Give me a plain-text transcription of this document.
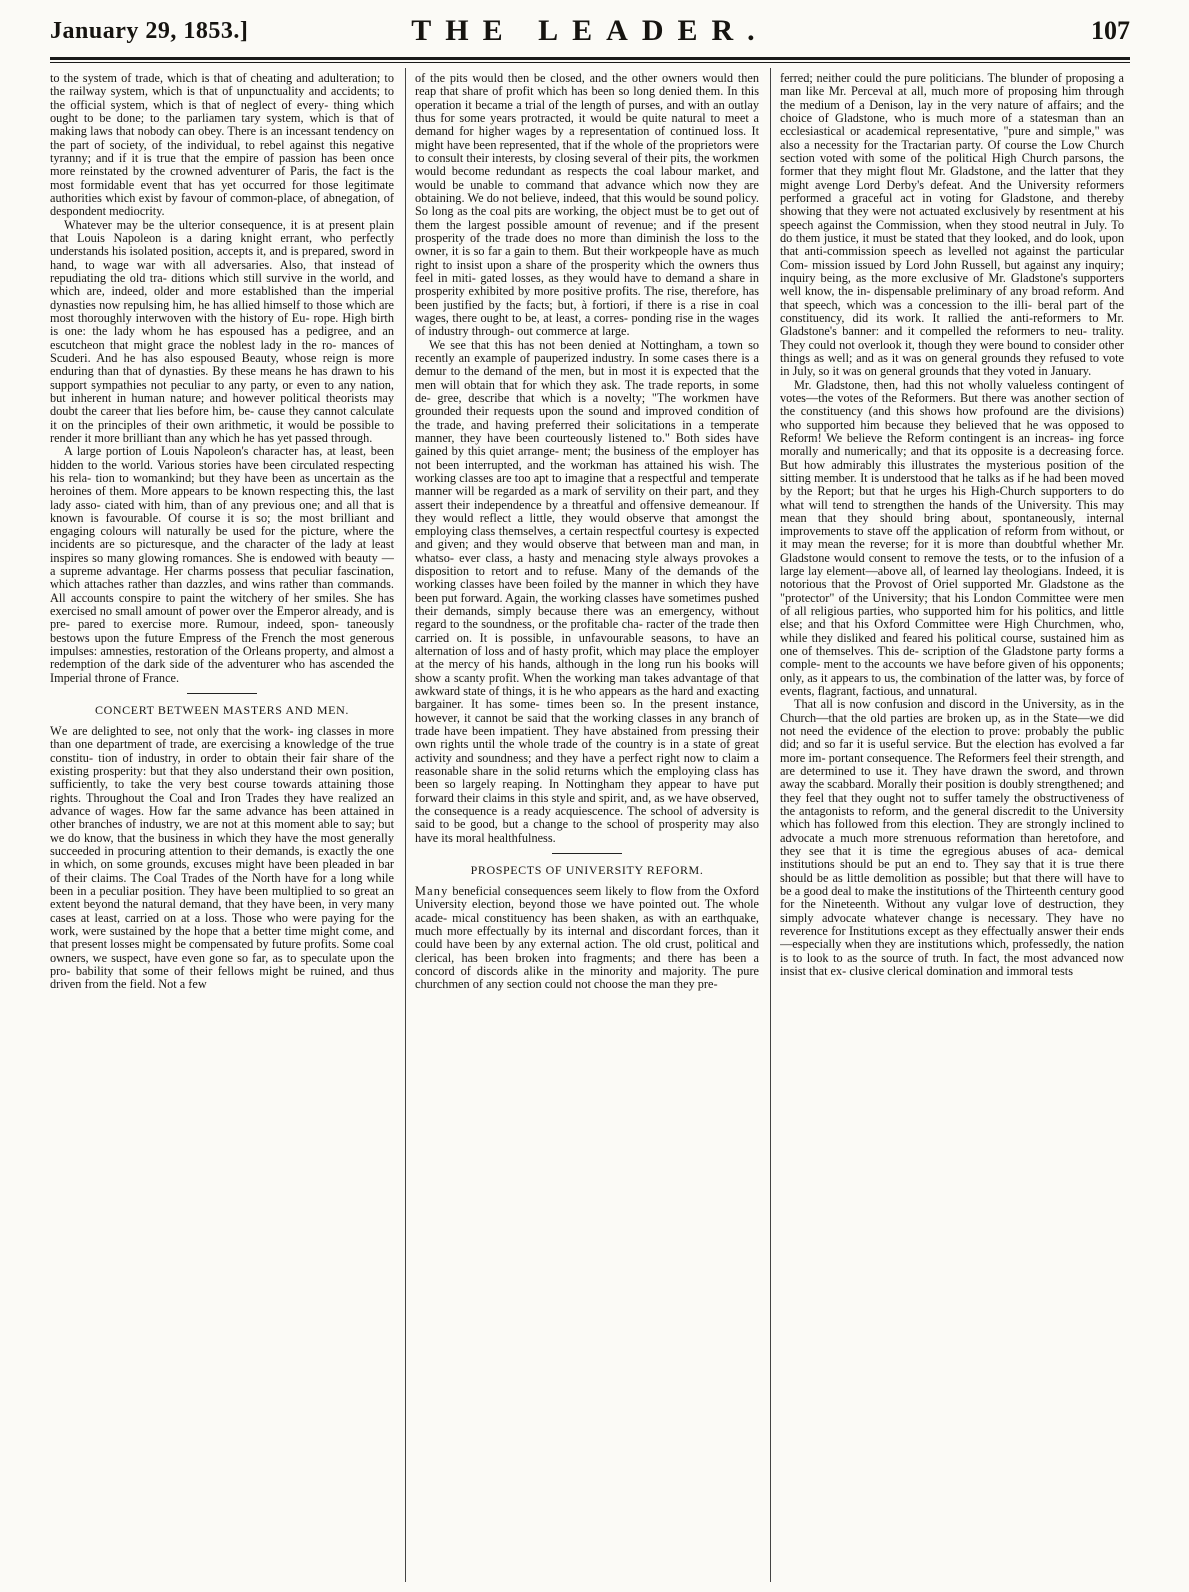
January 29, 1853.]	THE LEADER.	107

to the system of trade, which is that of cheating and adulteration; to the railway system, which is that of unpunctuality and accidents; to the official system, which is that of neglect of every- thing which ought to be done; to the parliamen tary system, which is that of making laws that nobody can obey. There is an incessant tendency on the part of society, of the individual, to rebel against this negative tyranny; and if it is true that the empire of passion has been once more reinstated by the crowned adventurer of Paris, the fact is the most formidable event that has yet occurred for those legitimate authorities which exist by favour of common-place, of abnegation, of despondent mediocrity.

Whatever may be the ulterior consequence, it is at present plain that Louis Napoleon is a daring knight errant, who perfectly understands his isolated position, accepts it, and is prepared, sword in hand, to wage war with all adversaries. Also, that instead of repudiating the old tra- ditions which still survive in the world, and which are, indeed, older and more established than the imperial dynasties now repulsing him, he has allied himself to those which are most thoroughly interwoven with the history of Eu- rope. High birth is one: the lady whom he has espoused has a pedigree, and an escutcheon that might grace the noblest lady in the ro- mances of Scuderi. And he has also espoused Beauty, whose reign is more enduring than that of dynasties. By these means he has drawn to his support sympathies not peculiar to any party, or even to any nation, but inherent in human nature; and however political theorists may doubt the career that lies before him, be- cause they cannot calculate it on the principles of their own arithmetic, it would be possible to render it more brilliant than any which he has yet passed through.

A large portion of Louis Napoleon's character has, at least, been hidden to the world. Various stories have been circulated respecting his rela- tion to womankind; but they have been as uncertain as the heroines of them. More appears to be known respecting this, the last lady asso- ciated with him, than of any previous one; and all that is known is favourable. Of course it is so; the most brilliant and engaging colours will naturally be used for the picture, where the incidents are so picturesque, and the character of the lady at least inspires so many glowing romances. She is endowed with beauty — a supreme advantage. Her charms possess that peculiar fascination, which attaches rather than dazzles, and wins rather than commands. All accounts conspire to paint the witchery of her smiles. She has exercised no small amount of power over the Emperor already, and is pre- pared to exercise more. Rumour, indeed, spon- taneously bestows upon the future Empress of the French the most generous impulses: amnesties, restoration of the Orleans property, and almost a redemption of the dark side of the adventurer who has ascended the Imperial throne of France.

CONCERT BETWEEN MASTERS AND MEN.

We are delighted to see, not only that the work- ing classes in more than one department of trade, are exercising a knowledge of the true constitu- tion of industry, in order to obtain their fair share of the existing prosperity: but that they also understand their own position, sufficiently, to take the very best course towards attaining those rights. Throughout the Coal and Iron Trades they have realized an advance of wages. How far the same advance has been attained in other branches of industry, we are not at this moment able to say; but we do know, that the business in which they have the most generally succeeded in procuring attention to their demands, is exactly the one in which, on some grounds, excuses might have been pleaded in bar of their claims. The Coal Trades of the North have for a long while been in a peculiar position. They have been multiplied to so great an extent beyond the natural demand, that they have been, in very many cases at least, carried on at a loss. Those who were paying for the work, were sustained by the hope that a better time might come, and that present losses might be compensated by future profits. Some coal owners, we suspect, have even gone so far, as to speculate upon the pro- bability that some of their fellows might be ruined, and thus driven from the field. Not a few

of the pits would then be closed, and the other owners would then reap that share of profit which has been so long denied them. In this operation it became a trial of the length of purses, and with an outlay thus for some years protracted, it would be quite natural to meet a demand for higher wages by a representation of continued loss. It might have been represented, that if the whole of the proprietors were to consult their interests, by closing several of their pits, the workmen would become redundant as respects the coal labour market, and would be unable to command that advance which now they are obtaining. We do not believe, indeed, that this would be sound policy. So long as the coal pits are working, the object must be to get out of them the largest possible amount of revenue; and if the present prosperity of the trade does no more than diminish the loss to the owner, it is so far a gain to them. But their workpeople have as much right to insist upon a share of the prosperity which the owners thus feel in miti- gated losses, as they would have to demand a share in prosperity exhibited by more positive profits. The rise, therefore, has been justified by the facts; but, à fortiori, if there is a rise in coal wages, there ought to be, at least, a corres- ponding rise in the wages of industry through- out commerce at large.

We see that this has not been denied at Nottingham, a town so recently an example of pauperized industry. In some cases there is a demur to the demand of the men, but in most it is expected that the men will obtain that for which they ask. The trade reports, in some de- gree, describe that which is a novelty; "The workmen have grounded their requests upon the sound and improved condition of the trade, and having preferred their solicitations in a temperate manner, they have been courteously listened to." Both sides have gained by this quiet arrange- ment; the business of the employer has not been interrupted, and the workman has attained his wish. The working classes are too apt to imagine that a respectful and temperate manner will be regarded as a mark of servility on their part, and they assert their independence by a threatful and offensive demeanour. If they would reflect a little, they would observe that amongst the employing class themselves, a certain respectful courtesy is expected and given; and they would observe that between man and man, in whatso- ever class, a hasty and menacing style always provokes a disposition to retort and to refuse. Many of the demands of the working classes have been foiled by the manner in which they have been put forward. Again, the working classes have sometimes pushed their demands, simply because there was an emergency, without regard to the soundness, or the profitable cha- racter of the trade then carried on. It is possible, in unfavourable seasons, to have an alternation of loss and of hasty profit, which may place the employer at the mercy of his hands, although in the long run his books will show a scanty profit. When the working man takes advantage of that awkward state of things, it is he who appears as the hard and exacting bargainer. It has some- times been so. In the present instance, however, it cannot be said that the working classes in any branch of trade have been impatient. They have abstained from pressing their own rights until the whole trade of the country is in a state of great activity and soundness; and they have a perfect right now to claim a reasonable share in the solid returns which the employing class has been so largely reaping. In Nottingham they appear to have put forward their claims in this style and spirit, and, as we have observed, the consequence is a ready acquiescence. The school of adversity is said to be good, but a change to the school of prosperity may also have its moral healthfulness.

PROSPECTS OF UNIVERSITY REFORM.

Many beneficial consequences seem likely to flow from the Oxford University election, beyond those we have pointed out. The whole acade- mical constituency has been shaken, as with an earthquake, much more effectually by its internal and discordant forces, than it could have been by any external action. The old crust, political and clerical, has been broken into fragments; and there has been a concord of discords alike in the minority and majority. The pure churchmen of any section could not choose the man they pre-

ferred; neither could the pure politicians. The blunder of proposing a man like Mr. Perceval at all, much more of proposing him through the medium of a Denison, lay in the very nature of affairs; and the choice of Gladstone, who is much more of a statesman than an ecclesiastical or academical representative, "pure and simple," was also a necessity for the Tractarian party. Of course the Low Church section voted with some of the political High Church parsons, the former that they might flout Mr. Gladstone, and the latter that they might avenge Lord Derby's defeat. And the University reformers performed a graceful act in voting for Gladstone, and thereby showing that they were not actuated exclusively by resentment at his speech against the Commission, when they stood neutral in July. To do them justice, it must be stated that they looked, and do look, upon that anti-commission speech as levelled not against the particular Com- mission issued by Lord John Russell, but against any inquiry; inquiry being, as the more exclusive of Mr. Gladstone's supporters well know, the in- dispensable preliminary of any broad reform. And that speech, which was a concession to the illi- beral part of the constituency, did its work. It rallied the anti-reformers to Mr. Gladstone's banner: and it compelled the reformers to neu- trality. They could not overlook it, though they were bound to consider other things as well; and as it was on general grounds they refused to vote in July, so it was on general grounds that they voted in January.

Mr. Gladstone, then, had this not wholly valueless contingent of votes—the votes of the Reformers. But there was another section of the constituency (and this shows how profound are the divisions) who supported him because they believed that he was opposed to Reform! We believe the Reform contingent is an increas- ing force morally and numerically; and that its opposite is a decreasing force. But how admirably this illustrates the mysterious position of the sitting member. It is understood that he talks as if he had been moved by the Report; but that he urges his High-Church supporters to do what will tend to strengthen the hands of the University. This may mean that they should bring about, spontaneously, internal improvements to stave off the application of reform from without, or it may mean the reverse; for it is more than doubtful whether Mr. Gladstone would consent to remove the tests, or to the infusion of a large lay element—above all, of learned lay theologians. Indeed, it is notorious that the Provost of Oriel supported Mr. Gladstone as the "protector" of the University; that his London Committee were men of all religious parties, who supported him for his politics, and little else; and that his Oxford Committee were High Churchmen, who, while they disliked and feared his political course, sustained him as one of themselves. This de- scription of the Gladstone party forms a comple- ment to the accounts we have before given of his opponents; only, as it appears to us, the combination of the latter was, by force of events, flagrant, factious, and unnatural.

That all is now confusion and discord in the University, as in the Church—that the old parties are broken up, as in the State—we did not need the evidence of the election to prove: probably the public did; and so far it is useful service. But the election has evolved a far more im- portant consequence. The Reformers feel their strength, and are determined to use it. They have drawn the sword, and thrown away the scabbard. Morally their position is doubly strengthened; and they feel that they ought not to suffer tamely the obstructiveness of the antagonists to reform, and the general discredit to the University which has followed from this election. They are strongly inclined to advocate a much more strenuous reformation than heretofore, and they see that it is time the egregious abuses of aca- demical institutions should be put an end to. They say that it is true there should be as little demolition as possible; but that there will have to be a good deal to make the institutions of the Thirteenth century good for the Nineteenth. Without any vulgar love of destruction, they simply advocate whatever change is necessary. They have no reverence for Institutions except as they effectually answer their ends—especially when they are institutions which, professedly, the nation is to look to as the source of truth. In fact, the most advanced now insist that ex- clusive clerical domination and immoral tests
